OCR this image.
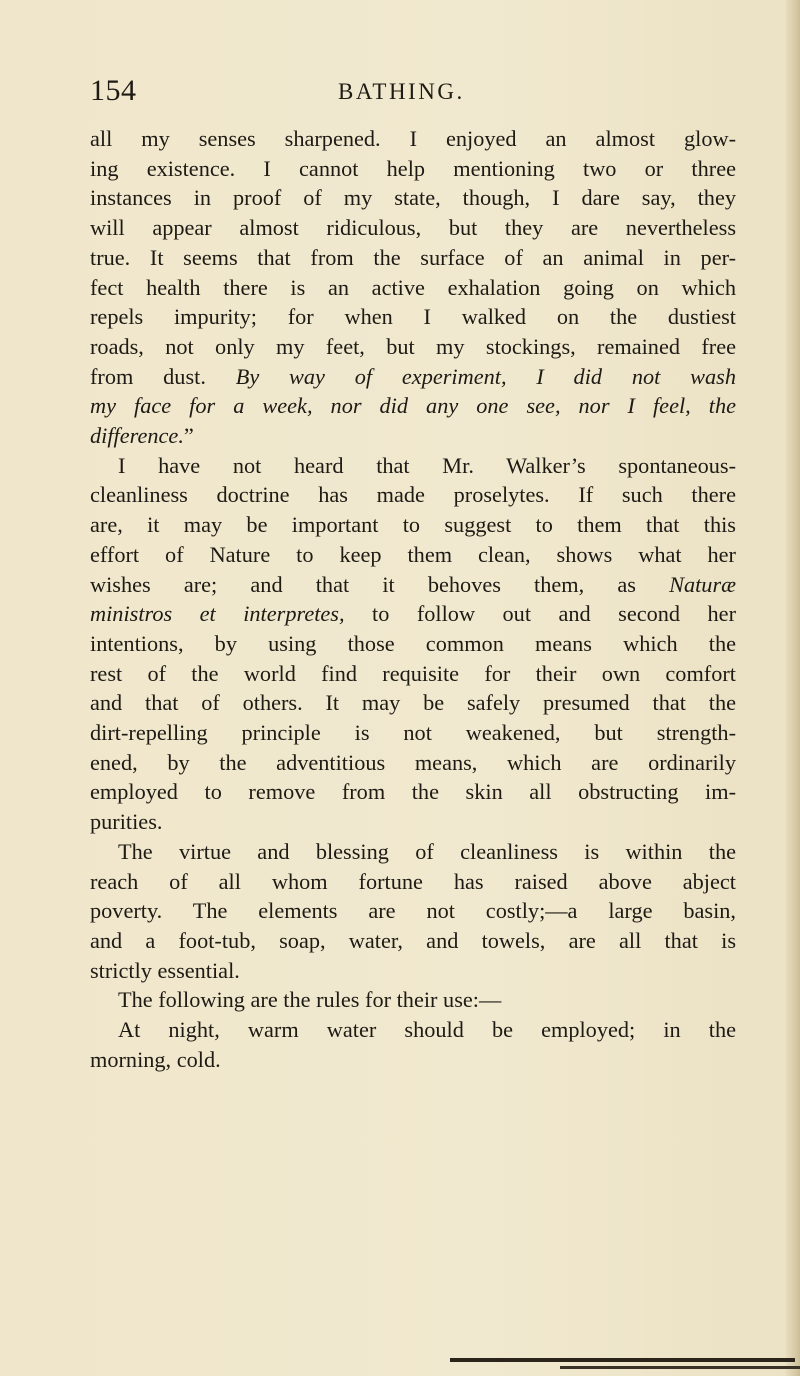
154	BATHING.
all my senses sharpened. I enjoyed an almost glow-
ing existence. I cannot help mentioning two or three
instances in proof of my state, though, I dare say, they
will appear almost ridiculous, but they are nevertheless
true. It seems that from the surface of an animal in per-
fect health there is an active exhalation going on which
repels impurity; for when I walked on the dustiest
roads, not only my feet, but my stockings, remained free
from dust. By way of experiment, I did not wash
my face for a week, nor did any one see, nor I feel, the
difference.”
I have not heard that Mr. Walker’s spontaneous-
cleanliness doctrine has made proselytes. If such there
are, it may be important to suggest to them that this
effort of Nature to keep them clean, shows what her
wishes are; and that it behoves them, as Naturæ
ministros et interpretes, to follow out and second her
intentions, by using those common means which the
rest of the world find requisite for their own comfort
and that of others. It may be safely presumed that the
dirt-repelling principle is not weakened, but strength-
ened, by the adventitious means, which are ordinarily
employed to remove from the skin all obstructing im-
purities.
The virtue and blessing of cleanliness is within the
reach of all whom fortune has raised above abject
poverty. The elements are not costly;—a large basin,
and a foot-tub, soap, water, and towels, are all that is
strictly essential.
The following are the rules for their use:—
At night, warm water should be employed; in the
morning, cold.
